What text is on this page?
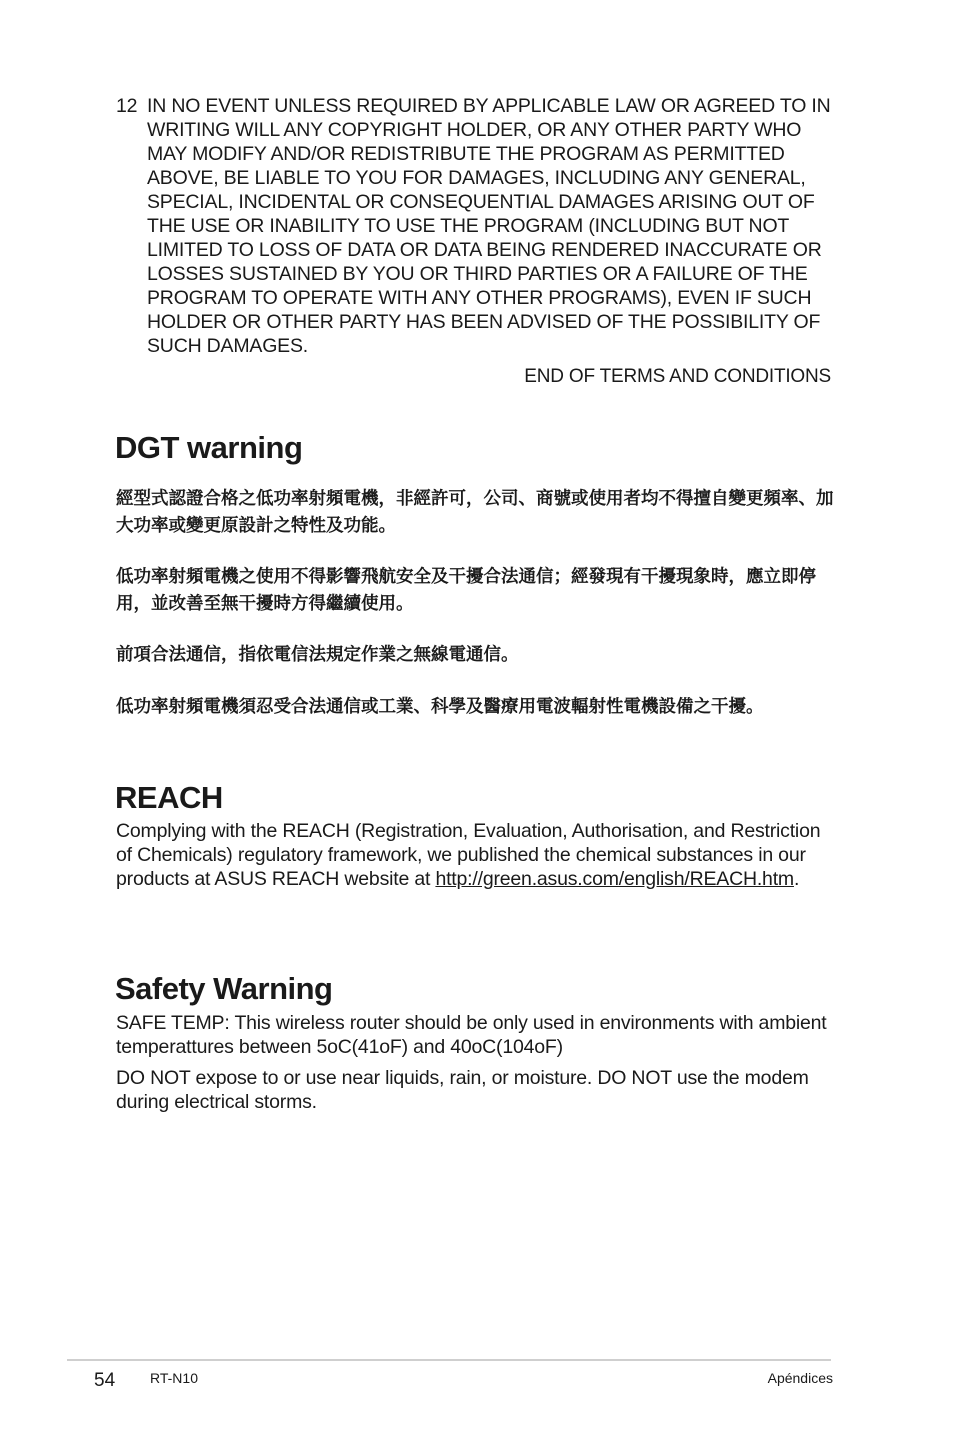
12 IN NO EVENT UNLESS REQUIRED BY APPLICABLE LAW OR AGREED TO IN WRITING WILL ANY COPYRIGHT HOLDER, OR ANY OTHER PARTY WHO MAY MODIFY AND/OR REDISTRIBUTE THE PROGRAM AS PERMITTED ABOVE, BE LIABLE TO YOU FOR DAMAGES, INCLUDING ANY GENERAL, SPECIAL, INCIDENTAL OR CONSEQUENTIAL DAMAGES ARISING OUT OF THE USE OR INABILITY TO USE THE PROGRAM (INCLUDING BUT NOT LIMITED TO LOSS OF DATA OR DATA BEING RENDERED INACCURATE OR LOSSES SUSTAINED BY YOU OR THIRD PARTIES OR A FAILURE OF THE PROGRAM TO OPERATE WITH ANY OTHER PROGRAMS), EVEN IF SUCH HOLDER OR OTHER PARTY HAS BEEN ADVISED OF THE POSSIBILITY OF SUCH DAMAGES.
END OF TERMS AND CONDITIONS
DGT warning
經型式認證合格之低功率射頻電機，非經許可，公司、商號或使用者均不得擅自變更頻率、加大功率或變更原設計之特性及功能。
低功率射頻電機之使用不得影響飛航安全及干擾合法通信；經發現有干擾現象時，應立即停用，並改善至無干擾時方得繼續使用。
前項合法通信，指依電信法規定作業之無線電通信。
低功率射頻電機須忍受合法通信或工業、科學及醫療用電波輻射性電機設備之干擾。
REACH
Complying with the REACH (Registration, Evaluation, Authorisation, and Restriction of Chemicals) regulatory framework, we published the chemical substances in our products at ASUS REACH website at http://green.asus.com/english/REACH.htm.
Safety Warning
SAFE TEMP: This wireless router should be only used in environments with ambient temperattures between 5oC(41oF) and 40oC(104oF)
DO NOT expose to or use near liquids, rain, or moisture. DO NOT use the modem during electrical storms.
54 RT-N10	Apéndices
